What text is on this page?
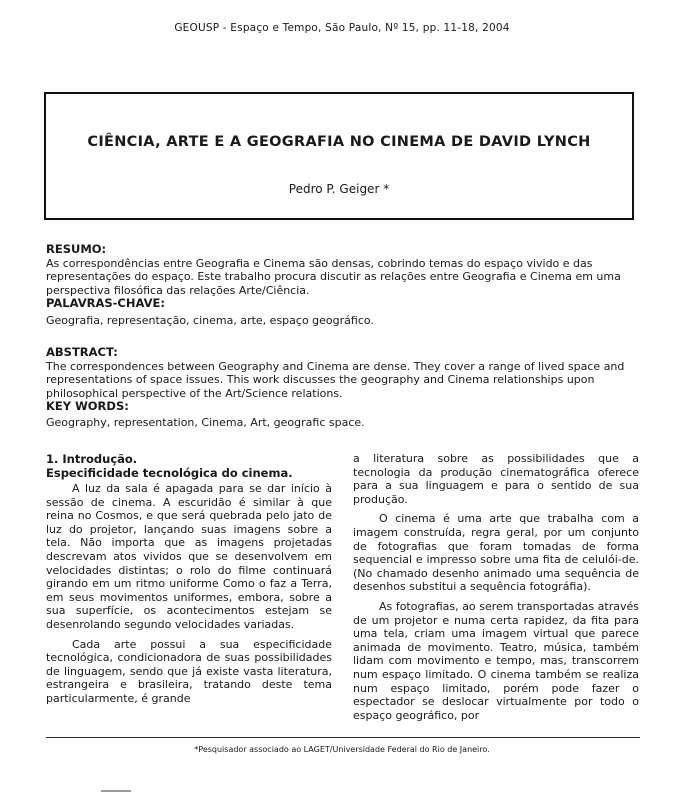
GEOUSP - Espaço e Tempo, São Paulo, Nº 15, pp. 11-18, 2004
CIÊNCIA, ARTE E A GEOGRAFIA NO CINEMA DE DAVID LYNCH
Pedro P. Geiger *
RESUMO:
As correspondências entre Geografia e Cinema são densas, cobrindo temas do espaço vivido e das representações do espaço. Este trabalho procura discutir as relações entre Geografia e Cinema em uma perspectiva filosófica das relações Arte/Ciência.
PALAVRAS-CHAVE:
Geografia, representação, cinema, arte, espaço geográfico.
ABSTRACT:
The correspondences between Geography and Cinema are dense. They cover a range of lived space and representations of space issues. This work discusses the geography and Cinema relationships upon philosophical perspective of the Art/Science relations.
KEY WORDS:
Geography, representation, Cinema, Art, geografic space.
1. Introdução.
Especificidade tecnológica do cinema.

A luz da sala é apagada para se dar início à sessão de cinema. A escuridão é similar à que reina no Cosmos, e que será quebrada pelo jato de luz do projetor, lançando suas imagens sobre a tela. Não importa que as imagens projetadas descrevam atos vividos que se desenvolvem em velocidades distintas; o rolo do filme continuará girando em um ritmo uniforme Como o faz a Terra, em seus movimentos uniformes, embora, sobre a sua superfície, os acontecimentos estejam se desenrolando segundo velocidades variadas.

Cada arte possui a sua especificidade tecnológica, condicionadora de suas possibilidades de linguagem, sendo que já existe vasta literatura, estrangeira e brasileira, tratando deste tema particularmente, é grande

a literatura sobre as possibilidades que a tecnologia da produção cinematográfica oferece para a sua linguagem e para o sentido de sua produção.

O cinema é uma arte que trabalha com a imagem construída, regra geral, por um conjunto de fotografias que foram tomadas de forma sequencial e impresso sobre uma fita de celulói-de. (No chamado desenho animado uma sequência de desenhos substitui a sequência fotográfia).

As fotografias, ao serem transportadas através de um projetor e numa certa rapidez, da fita para uma tela, criam uma imagem virtual que parece animada de movimento. Teatro, música, também lidam com movimento e tempo, mas, transcorrem num espaço limitado. O cinema também se realiza num espaço limitado, porém pode fazer o espectador se deslocar virtualmente por todo o espaço geográfico, por

*Pesquisador associado ao LAGET/Universidade Federal do Rio de Janeiro.
